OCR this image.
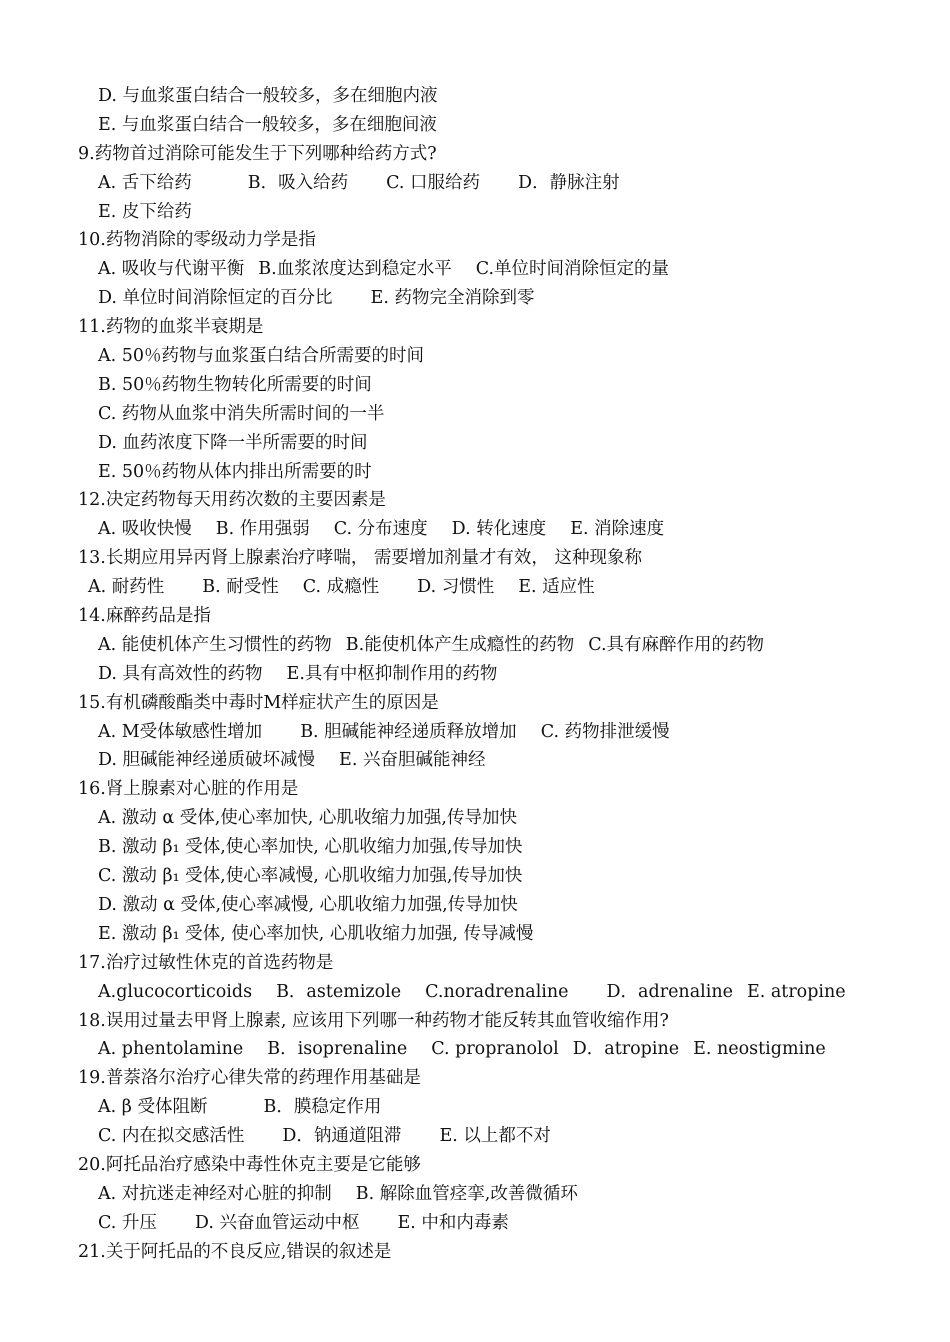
D. 与血浆蛋白结合一般较多，多在细胞内液
E. 与血浆蛋白结合一般较多，多在细胞间液
9.药物首过消除可能发生于下列哪种给药方式?
A. 舌下给药	B．吸入给药 C. 口服给药 D．静脉注射
E. 皮下给药
10.药物消除的零级动力学是指
A. 吸收与代谢平衡 B.血浆浓度达到稳定水平 C.单位时间消除恒定的量
D. 单位时间消除恒定的百分比 E. 药物完全消除到零
11.药物的血浆半衰期是
A. 50％药物与血浆蛋白结合所需要的时间
B. 50％药物生物转化所需要的时间
C. 药物从血浆中消失所需时间的一半
D. 血药浓度下降一半所需要的时间
E. 50％药物从体内排出所需要的时
12.决定药物每天用药次数的主要因素是
A. 吸收快慢 B. 作用强弱 C. 分布速度 D. 转化速度 E. 消除速度
13.长期应用异丙肾上腺素治疗哮喘， 需要增加剂量才有效， 这种现象称
A. 耐药性 B. 耐受性 C. 成瘾性 D. 习惯性 E. 适应性
14.麻醉药品是指
A. 能使机体产生习惯性的药物 B.能使机体产生成瘾性的药物 C.具有麻醉作用的药物
D. 具有高效性的药物 E.具有中枢抑制作用的药物
15.有机磷酸酯类中毒时M样症状产生的原因是
A. M受体敏感性增加 B. 胆碱能神经递质释放增加 C. 药物排泄缓慢
D. 胆碱能神经递质破坏减慢 E. 兴奋胆碱能神经
16.肾上腺素对心脏的作用是
A. 激动 α 受体,使心率加快, 心肌收缩力加强,传导加快
B. 激动 β₁ 受体,使心率加快, 心肌收缩力加强,传导加快
C. 激动 β₁ 受体,使心率减慢, 心肌收缩力加强,传导加快
D. 激动 α 受体,使心率减慢, 心肌收缩力加强,传导加快
E. 激动 β₁ 受体, 使心率加快, 心肌收缩力加强, 传导减慢
17.治疗过敏性休克的首选药物是
A.glucocorticoids B．astemizole C.noradrenaline D．adrenaline E. atropine
18.误用过量去甲肾上腺素, 应该用下列哪一种药物才能反转其血管收缩作用?
A. phentolamine B．isoprenaline C. propranolol D．atropine E. neostigmine
19.普萘洛尔治疗心律失常的药理作用基础是
A. β 受体阻断	B．膜稳定作用
C. 内在拟交感活性 D．钠通道阻滞 E. 以上都不对
20.阿托品治疗感染中毒性休克主要是它能够
A. 对抗迷走神经对心脏的抑制 B. 解除血管痉挛,改善微循环
C. 升压 D. 兴奋血管运动中枢 E. 中和内毒素
21.关于阿托品的不良反应,错误的叙述是
